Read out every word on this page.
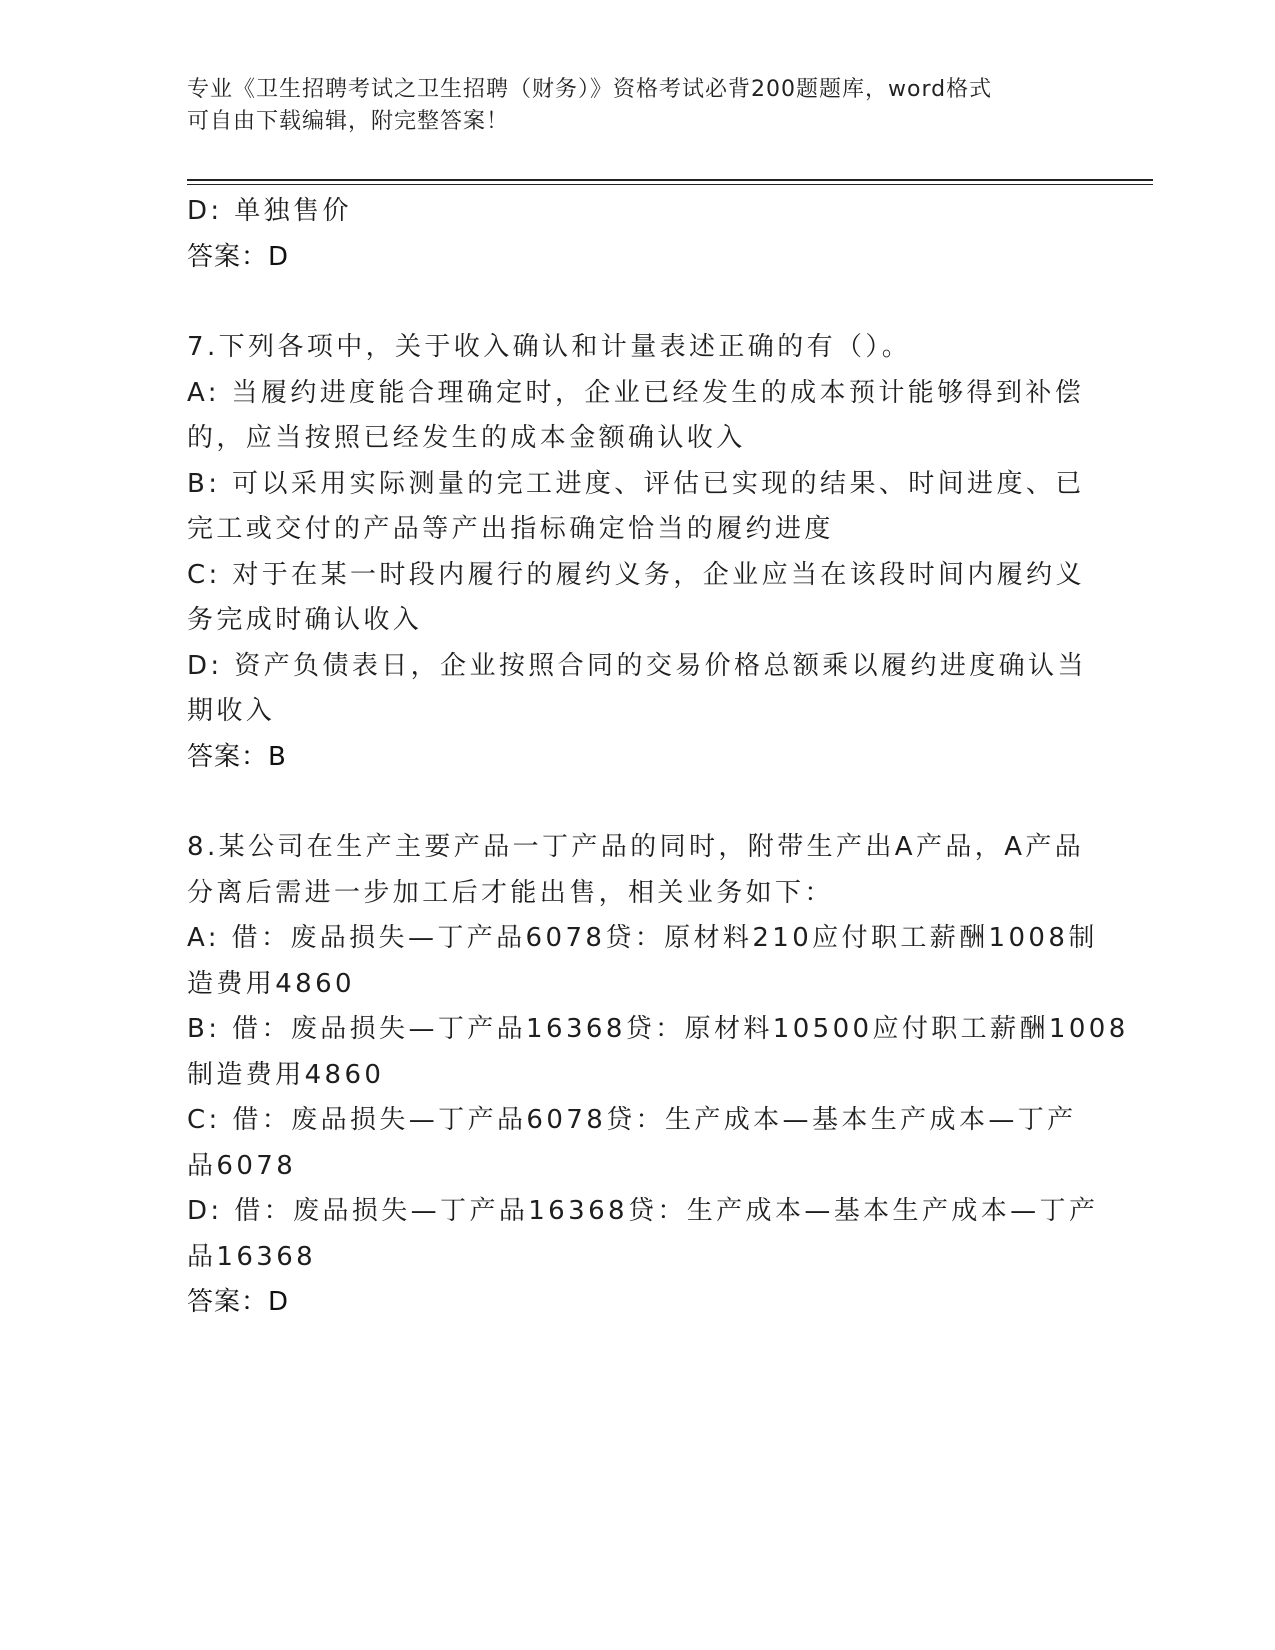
专业《卫生招聘考试之卫生招聘（财务）》资格考试必背200题题库，word格式
可自由下载编辑，附完整答案！
D: 单独售价
答案：D
7.下列各项中，关于收入确认和计量表述正确的有（）。
A: 当履约进度能合理确定时，企业已经发生的成本预计能够得到补偿
的，应当按照已经发生的成本金额确认收入
B: 可以采用实际测量的完工进度、评估已实现的结果、时间进度、已
完工或交付的产品等产出指标确定恰当的履约进度
C: 对于在某一时段内履行的履约义务，企业应当在该段时间内履约义
务完成时确认收入
D: 资产负债表日，企业按照合同的交易价格总额乘以履约进度确认当
期收入
答案：B
8.某公司在生产主要产品一丁产品的同时，附带生产出A产品，A产品
分离后需进一步加工后才能出售，相关业务如下：
A: 借：废品损失—丁产品6078贷：原材料210应付职工薪酬1008制
造费用4860
B: 借：废品损失—丁产品16368贷：原材料10500应付职工薪酬1008
制造费用4860
C: 借：废品损失—丁产品6078贷：生产成本—基本生产成本—丁产
品6078
D: 借：废品损失—丁产品16368贷：生产成本—基本生产成本—丁产
品16368
答案：D
